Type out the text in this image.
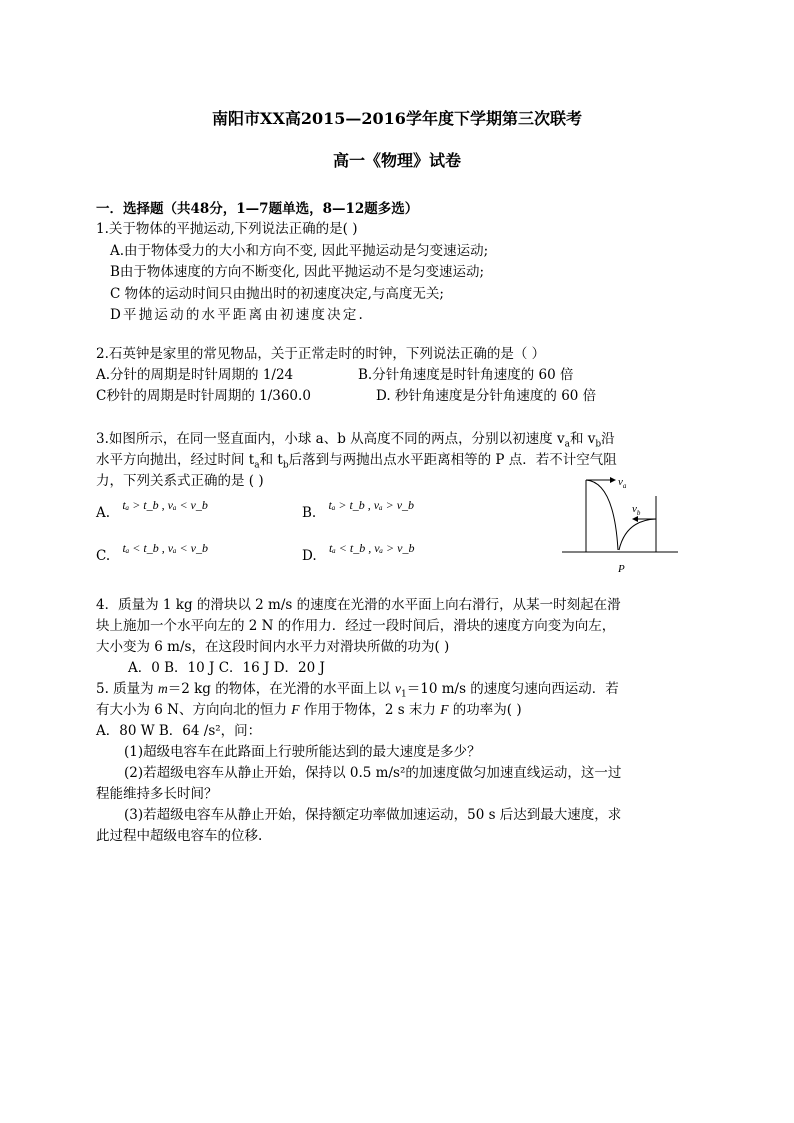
南阳市XX高2015—2016学年度下学期第三次联考
高一《物理》试卷
一．选择题（共48分，1—7题单选，8—12题多选）
1.关于物体的平抛运动,下列说法正确的是( )
A.由于物体受力的大小和方向不变, 因此平抛运动是匀变速运动;
B由于物体速度的方向不断变化, 因此平抛运动不是匀变速运动;
C 物体的运动时间只由抛出时的初速度决定,与高度无关;
D平抛运动的水平距离由初速度决定.
2.石英钟是家里的常见物品，关于正常走时的时钟，下列说法正确的是（ ）
A.分针的周期是时针周期的 1/24	B.分针角速度是时针角速度的 60 倍
C秒针的周期是时针周期的 1/360.0	D. 秒针角速度是分针角速度的 60 倍
3.如图所示，在同一竖直面内，小球 a、b 从高度不同的两点，分别以初速度 $v_a$和 $v_b$沿
水平方向抛出，经过时间 $t_a$和 $t_b$后落到与两抛出点水平距离相等的 P 点．若不计空气阻
力，下列关系式正确的是 ( )
A. tₐ > t_b , vₐ < v_b	B. tₐ > t_b , vₐ > v_b
C. tₐ < t_b , vₐ < v_b	D. tₐ < t_b , vₐ > v_b
$v_a$
$v_b$
P
4．质量为 1 kg 的滑块以 2 m/s 的速度在光滑的水平面上向右滑行，从某一时刻起在滑
块上施加一个水平向左的 2 N 的作用力．经过一段时间后，滑块的速度方向变为向左，
大小变为 6 m/s，在这段时间内水平力对滑块所做的功为( )
A．0 B．10 J C．16 J D．20 J
5. 质量为 m＝2 kg 的物体，在光滑的水平面上以 $v_1=10$ m/s 的速度匀速向西运动．若
有大小为 6 N、方向向北的恒力 F 作用于物体，2 s 末力 F 的功率为( )
A．80 W B．64 /s²，问：
(1)超级电容车在此路面上行驶所能达到的最大速度是多少？
(2)若超级电容车从静止开始，保持以 0.5 m/s²的加速度做匀加速直线运动，这一过
程能维持多长时间？
(3)若超级电容车从静止开始，保持额定功率做加速运动，50 s 后达到最大速度，求
此过程中超级电容车的位移.
